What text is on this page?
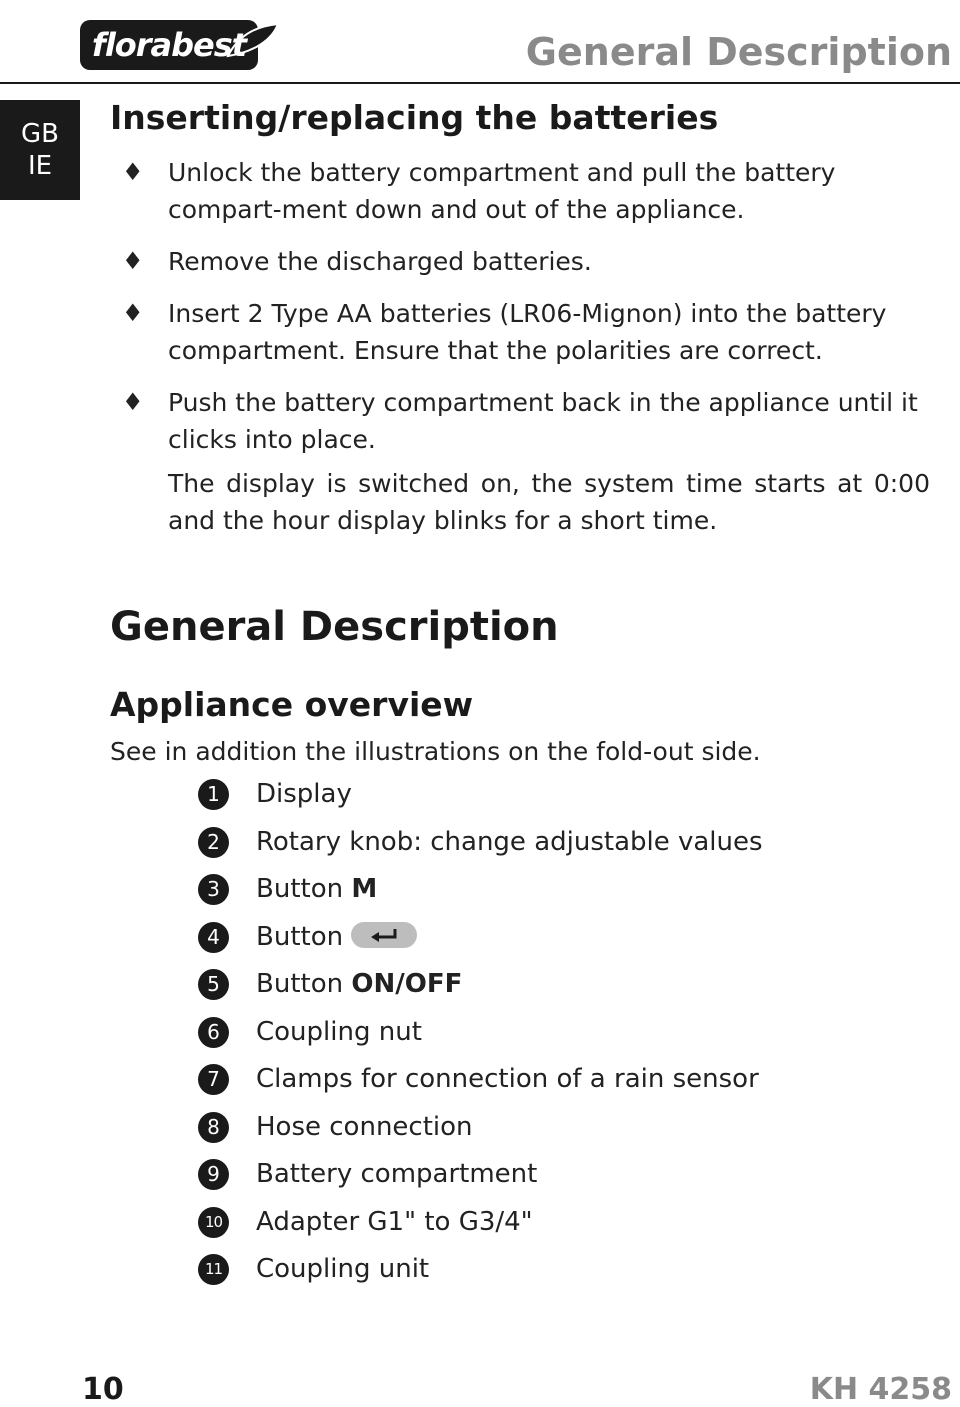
florabest	General Description
GB
IE
Inserting/replacing the batteries
♦ Unlock the battery compartment and pull the battery compart-ment down and out of the appliance.
♦ Remove the discharged batteries.
♦ Insert 2 Type AA batteries (LR06-Mignon) into the battery compartment. Ensure that the polarities are correct.
♦ Push the battery compartment back in the appliance until it clicks into place.
The display is switched on, the system time starts at 0:00 and the hour display blinks for a short time.
General Description
Appliance overview
See in addition the illustrations on the fold-out side.
1	Display
2	Rotary knob: change adjustable values
3	Button M
4	Button
5	Button ON/OFF
6	Coupling nut
7	Clamps for connection of a rain sensor
8	Hose connection
9	Battery compartment
10 Adapter G1" to G3/4"
11 Coupling unit
10	KH 4258
